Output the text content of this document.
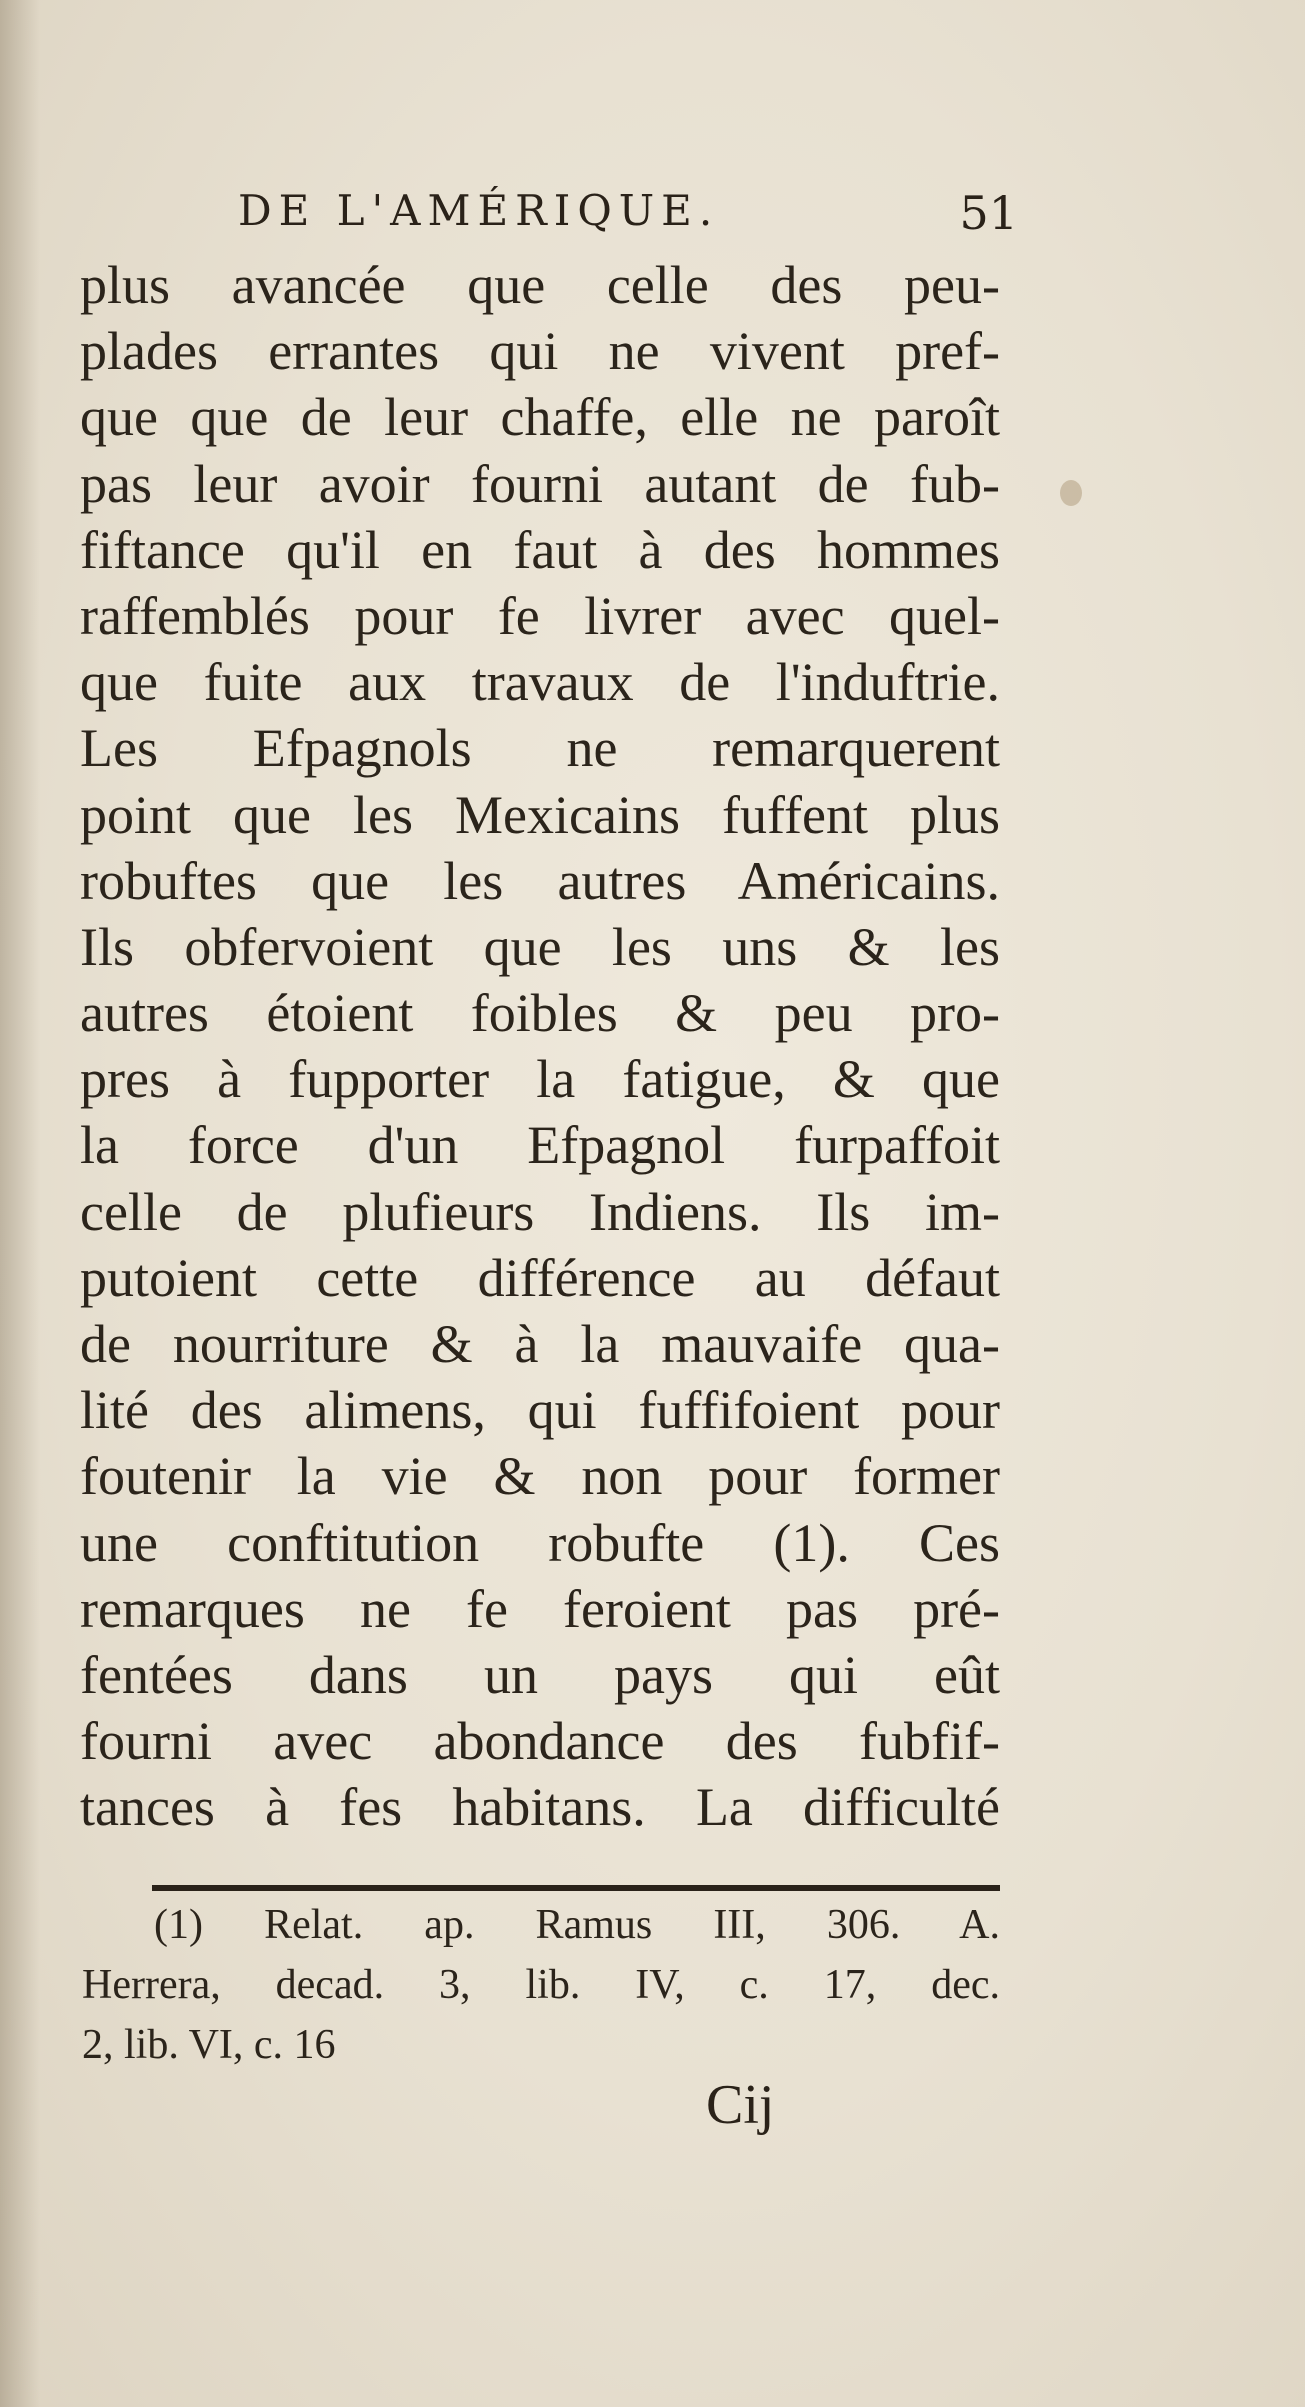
DE L'AMÉRIQUE.	51
plus avancée que celle des peu-
plades errantes qui ne vivent pref-
que que de leur chaffe, elle ne paroît
pas leur avoir fourni autant de fub-
fiftance qu'il en faut à des hommes
raffemblés pour fe livrer avec quel-
que fuite aux travaux de l'induftrie.
Les Efpagnols ne remarquerent
point que les Mexicains fuffent plus
robuftes que les autres Américains.
Ils obfervoient que les uns & les
autres étoient foibles & peu pro-
pres à fupporter la fatigue, & que
la force d'un Efpagnol furpaffoit
celle de plufieurs Indiens. Ils im-
putoient cette différence au défaut
de nourriture & à la mauvaife qua-
lité des alimens, qui fuffifoient pour
foutenir la vie & non pour former
une conftitution robufte (1). Ces
remarques ne fe feroient pas pré-
fentées dans un pays qui eût
fourni avec abondance des fubfif-
tances à fes habitans. La difficulté
(1) Relat. ap. Ramus III, 306. A.
Herrera, decad. 3, lib. IV, c. 17, dec.
2, lib. VI, c. 16
Cij
